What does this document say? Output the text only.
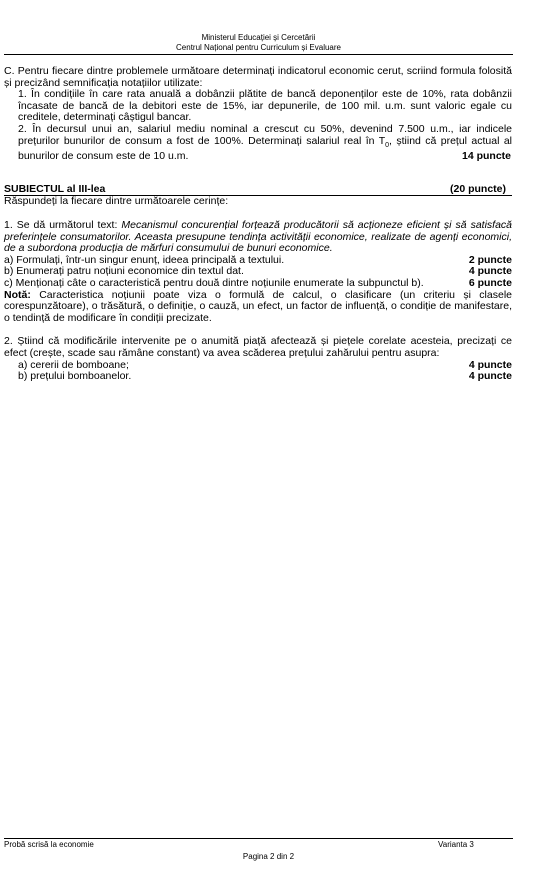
Ministerul Educației și Cercetării
Centrul Național pentru Curriculum și Evaluare

C. Pentru fiecare dintre problemele următoare determinați indicatorul economic cerut, scriind formula folosită și precizând semnificația notațiilor utilizate:

1. În condițiile în care rata anuală a dobânzii plătite de bancă deponenților este de 10%, rata dobânzii încasate de bancă de la debitori este de 15%, iar depunerile, de 100 mil. u.m. sunt valoric egale cu creditele, determinați câștigul bancar.

2. În decursul unui an, salariul mediu nominal a crescut cu 50%, devenind 7.500 u.m., iar indicele prețurilor bunurilor de consum a fost de 100%. Determinați salariul real în $T_0$, știind că prețul actual al bunurilor de consum este de 10 u.m.	14 puncte
SUBIECTUL al III-lea	(20 puncte)

Răspundeți la fiecare dintre următoarele cerințe:

1. Se dă următorul text: Mecanismul concurențial forțează producătorii să acționeze eficient și să satisfacă preferințele consumatorilor. Aceasta presupune tendința activității economice, realizate de agenți economici, de a subordona producția de mărfuri consumului de bunuri economice.

a) Formulați, într-un singur enunț, ideea principală a textului.	2 puncte
b) Enumerați patru noțiuni economice din textul dat.	4 puncte
c) Menționați câte o caracteristică pentru două dintre noțiunile enumerate la subpunctul b).	6 puncte

Notă: Caracteristica noțiunii poate viza o formulă de calcul, o clasificare (un criteriu și clasele corespunzătoare), o trăsătură, o definiție, o cauză, un efect, un factor de influență, o condiție de manifestare, o tendință de modificare în condiții precizate.

2. Știind că modificările intervenite pe o anumită piață afectează și piețele corelate acesteia, precizați ce efect (crește, scade sau rămâne constant) va avea scăderea prețului zahărului pentru asupra:

a) cererii de bomboane;	4 puncte
b) prețului bomboanelor.	4 puncte
Probă scrisă la economie	Varianta 3
Pagina 2 din 2
